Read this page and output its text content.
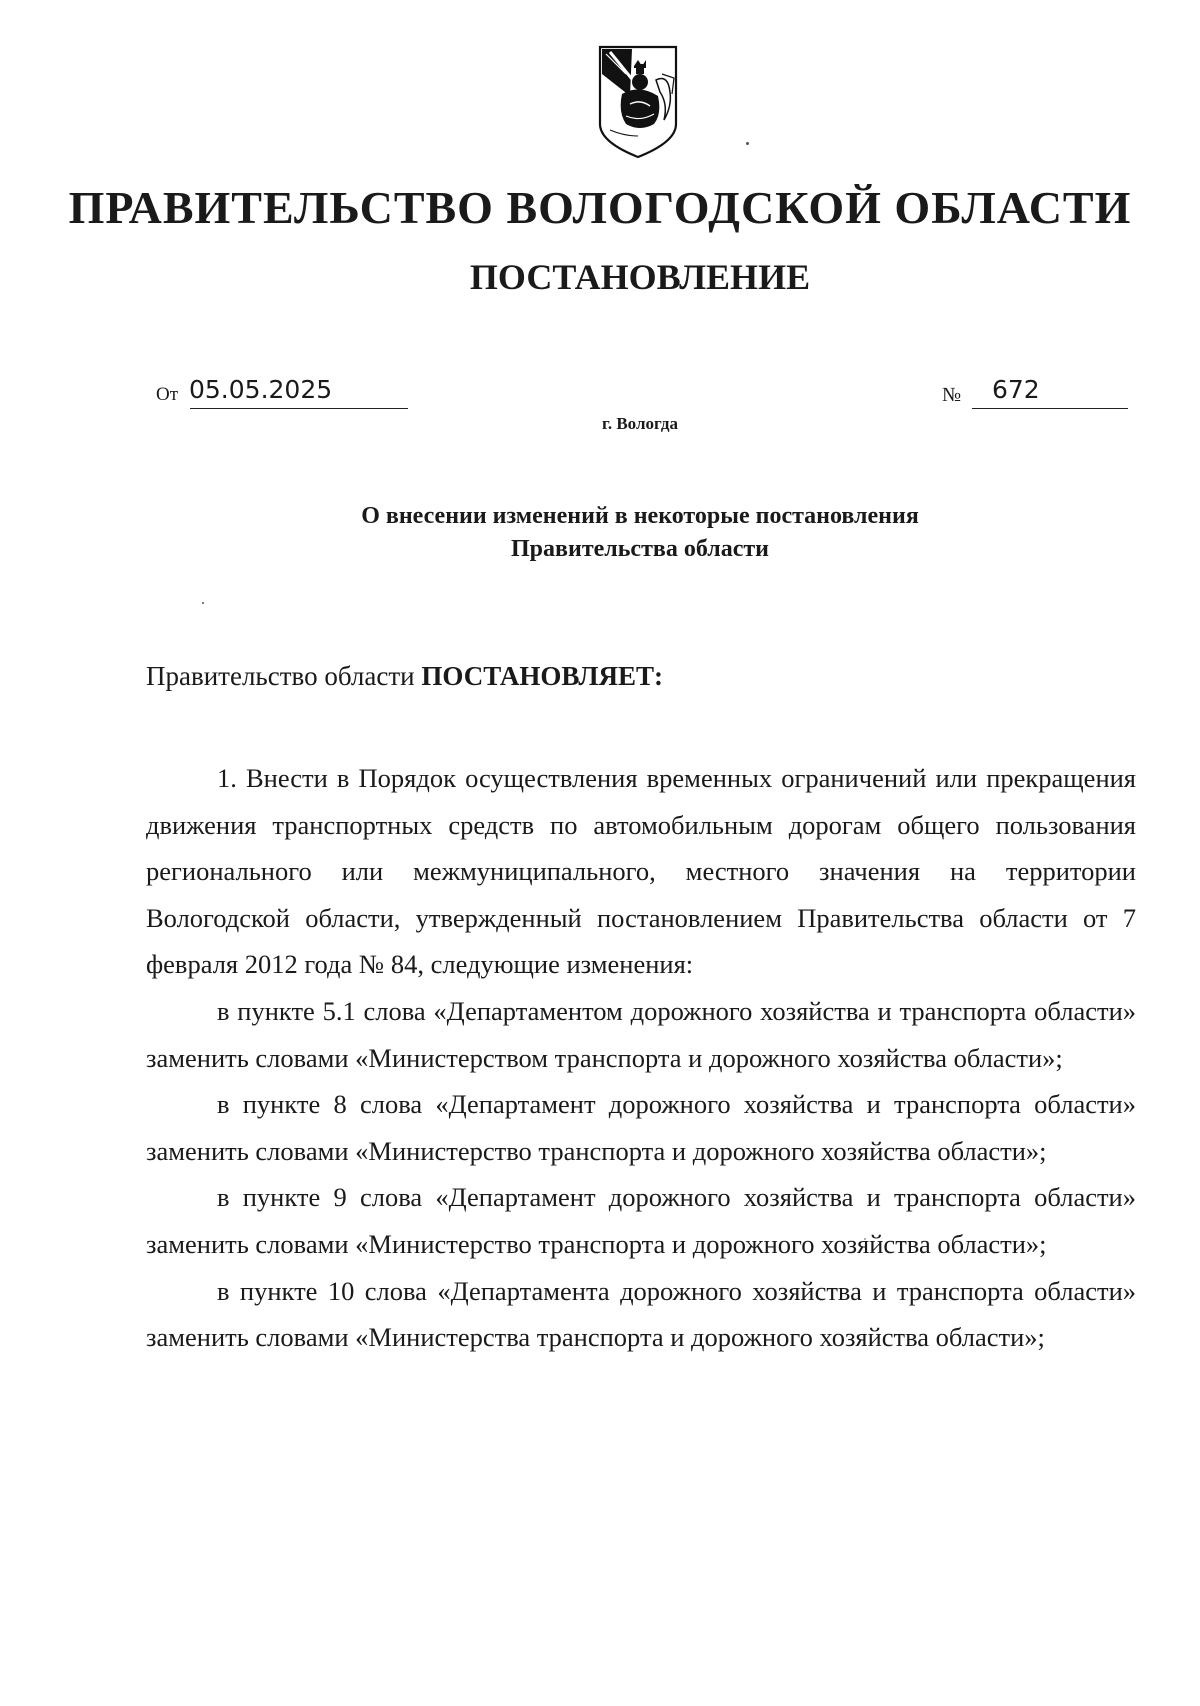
ПРАВИТЕЛЬСТВО ВОЛОГОДСКОЙ ОБЛАСТИ
ПОСТАНОВЛЕНИЕ
От 05.05.2025	№ 672
г. Вологда
О внесении изменений в некоторые постановления
Правительства области
Правительство области ПОСТАНОВЛЯЕТ:

1. Внести в Порядок осуществления временных ограничений или прекращения движения транспортных средств по автомобильным дорогам общего пользования регионального или межмуниципального, местного значения на территории Вологодской области, утвержденный постановлением Правительства области от 7 февраля 2012 года № 84, следующие изменения:

в пункте 5.1 слова «Департаментом дорожного хозяйства и транспорта области» заменить словами «Министерством транспорта и дорожного хозяйства области»;

в пункте 8 слова «Департамент дорожного хозяйства и транспорта области» заменить словами «Министерство транспорта и дорожного хозяйства области»;

в пункте 9 слова «Департамент дорожного хозяйства и транспорта области» заменить словами «Министерство транспорта и дорожного хозяйства области»;

в пункте 10 слова «Департамента дорожного хозяйства и транспорта области» заменить словами «Министерства транспорта и дорожного хозяйства области»;
